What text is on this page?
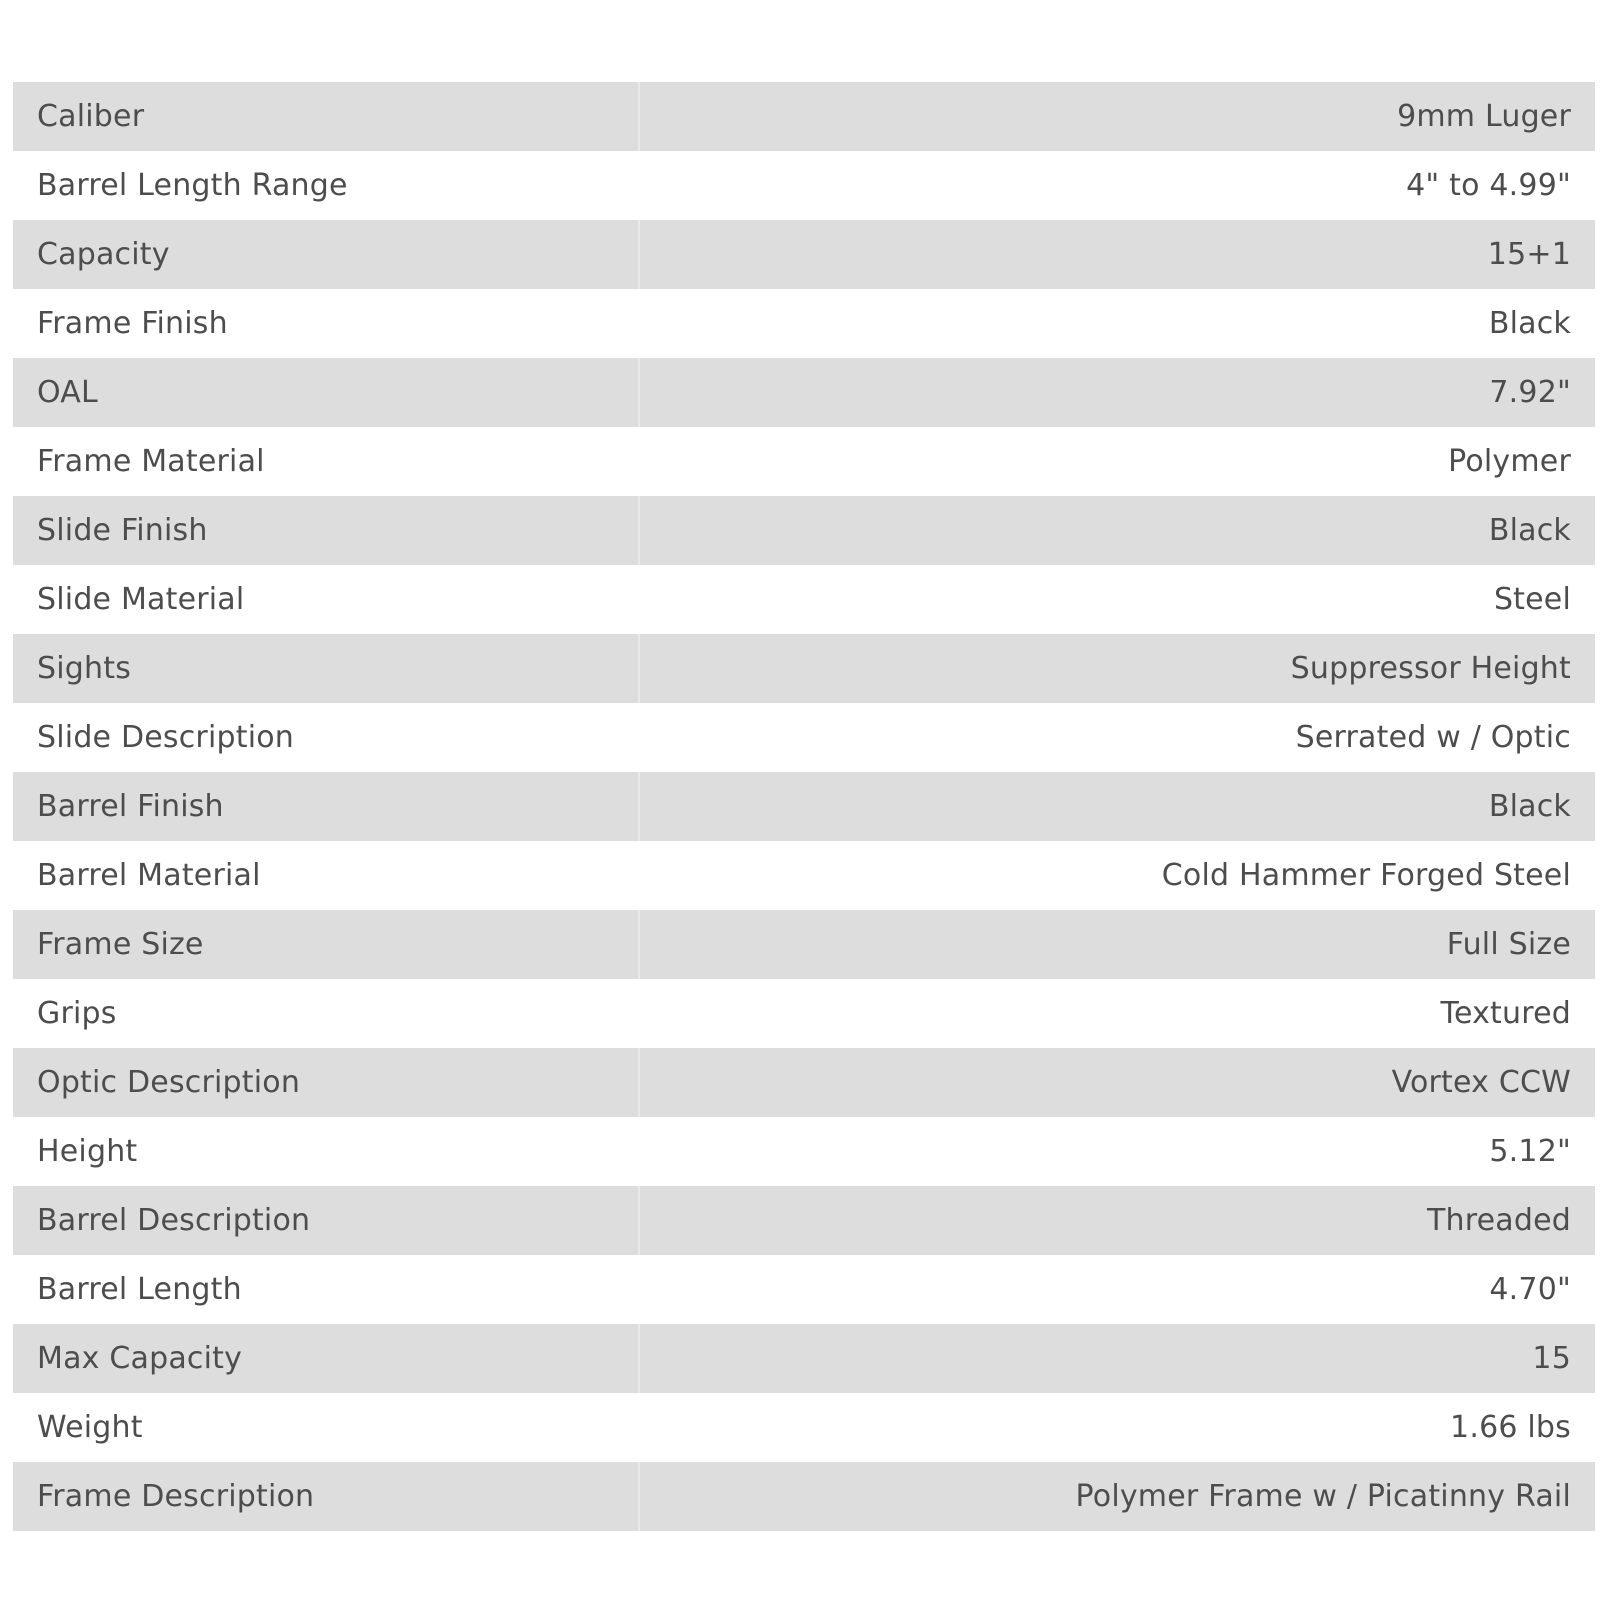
Caliber	9mm Luger
Barrel Length Range	4" to 4.99"
Capacity	15+1
Frame Finish	Black
OAL	7.92"
Frame Material	Polymer
Slide Finish	Black
Slide Material	Steel
Sights	Suppressor Height
Slide Description	Serrated w / Optic
Barrel Finish	Black
Barrel Material	Cold Hammer Forged Steel
Frame Size	Full Size
Grips	Textured
Optic Description	Vortex CCW
Height	5.12"
Barrel Description	Threaded
Barrel Length	4.70"
Max Capacity	15
Weight	1.66 lbs
Frame Description	Polymer Frame w / Picatinny Rail
